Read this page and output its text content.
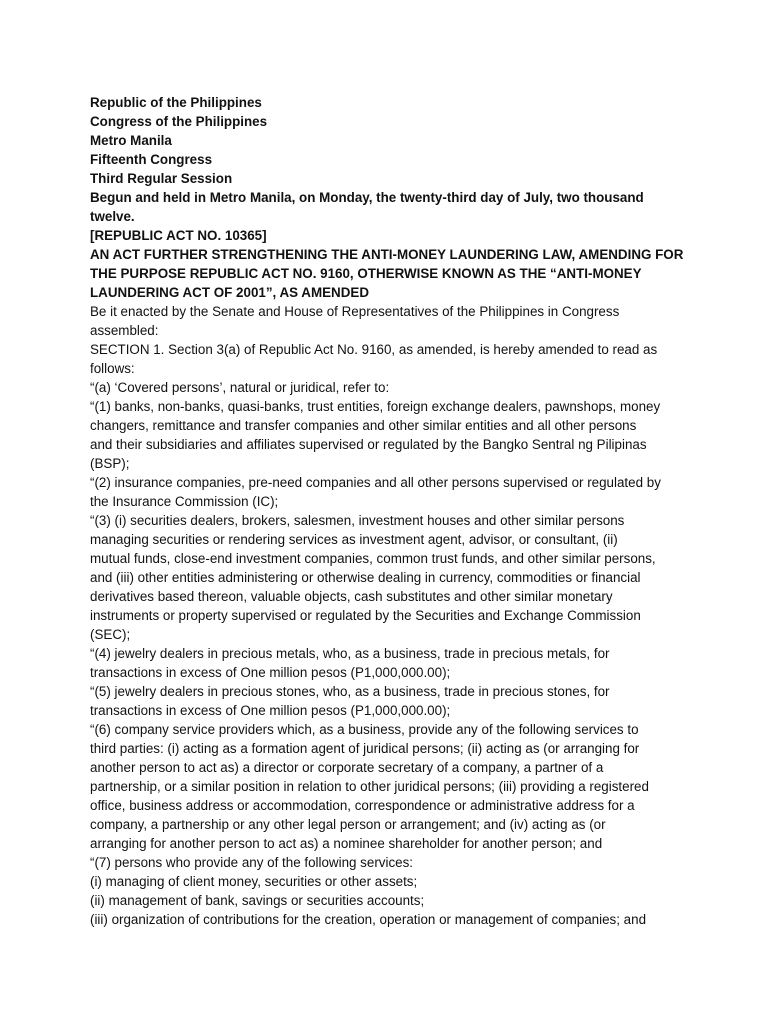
Republic of the Philippines
Congress of the Philippines
Metro Manila
Fifteenth Congress
Third Regular Session
Begun and held in Metro Manila, on Monday, the twenty-third day of July, two thousand
twelve.
[REPUBLIC ACT NO. 10365]
AN ACT FURTHER STRENGTHENING THE ANTI-MONEY LAUNDERING LAW, AMENDING FOR
THE PURPOSE REPUBLIC ACT NO. 9160, OTHERWISE KNOWN AS THE “ANTI-MONEY
LAUNDERING ACT OF 2001”, AS AMENDED
Be it enacted by the Senate and House of Representatives of the Philippines in Congress
assembled:
SECTION 1. Section 3(a) of Republic Act No. 9160, as amended, is hereby amended to read as
follows:
“(a) ‘Covered persons’, natural or juridical, refer to:
“(1) banks, non-banks, quasi-banks, trust entities, foreign exchange dealers, pawnshops, money
changers, remittance and transfer companies and other similar entities and all other persons
and their subsidiaries and affiliates supervised or regulated by the Bangko Sentral ng Pilipinas
(BSP);
“(2) insurance companies, pre-need companies and all other persons supervised or regulated by
the Insurance Commission (IC);
“(3) (i) securities dealers, brokers, salesmen, investment houses and other similar persons
managing securities or rendering services as investment agent, advisor, or consultant, (ii)
mutual funds, close-end investment companies, common trust funds, and other similar persons,
and (iii) other entities administering or otherwise dealing in currency, commodities or financial
derivatives based thereon, valuable objects, cash substitutes and other similar monetary
instruments or property supervised or regulated by the Securities and Exchange Commission
(SEC);
“(4) jewelry dealers in precious metals, who, as a business, trade in precious metals, for
transactions in excess of One million pesos (P1,000,000.00);
“(5) jewelry dealers in precious stones, who, as a business, trade in precious stones, for
transactions in excess of One million pesos (P1,000,000.00);
“(6) company service providers which, as a business, provide any of the following services to
third parties: (i) acting as a formation agent of juridical persons; (ii) acting as (or arranging for
another person to act as) a director or corporate secretary of a company, a partner of a
partnership, or a similar position in relation to other juridical persons; (iii) providing a registered
office, business address or accommodation, correspondence or administrative address for a
company, a partnership or any other legal person or arrangement; and (iv) acting as (or
arranging for another person to act as) a nominee shareholder for another person; and
“(7) persons who provide any of the following services:
(i) managing of client money, securities or other assets;
(ii) management of bank, savings or securities accounts;
(iii) organization of contributions for the creation, operation or management of companies; and
